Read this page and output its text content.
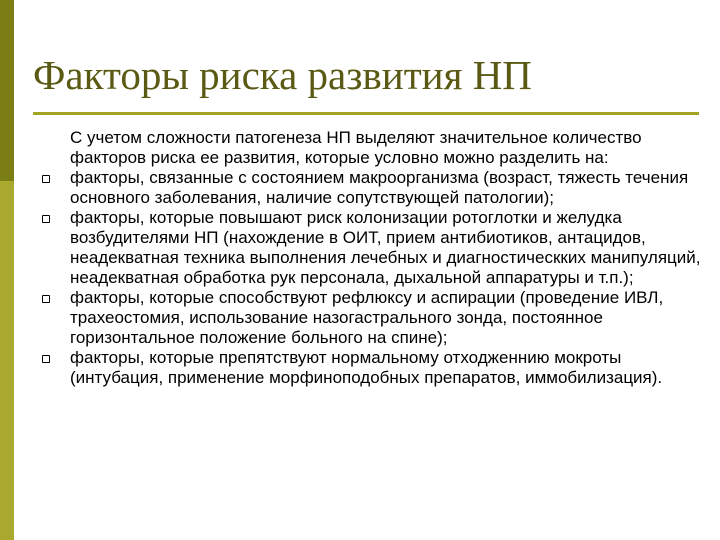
Факторы риска развития НП

С учетом сложности патогенеза НП выделяют значительное количество факторов риска ее развития, которые условно можно разделить на:

факторы, связанные с состоянием макроорганизма (возраст, тяжесть течения основного заболевания, наличие сопутствующей патологии);

факторы, которые повышают риск колонизации ротоглотки и желудка возбудителями НП (нахождение в ОИТ, прием антибиотиков, антацидов, неадекватная техника выполнения лечебных и диагностическких манипуляций, неадекватная обработка рук персонала, дыхальной аппаратуры и т.п.);

факторы, которые способствуют рефлюксу и аспирации (проведение ИВЛ, трахеостомия, использование назогастрального зонда, постоянное горизонтальное положение больного на спине);

факторы, которые препятствуют нормальному отходженнию мокроты (интубация, применение морфиноподобных препаратов, иммобилизация).
